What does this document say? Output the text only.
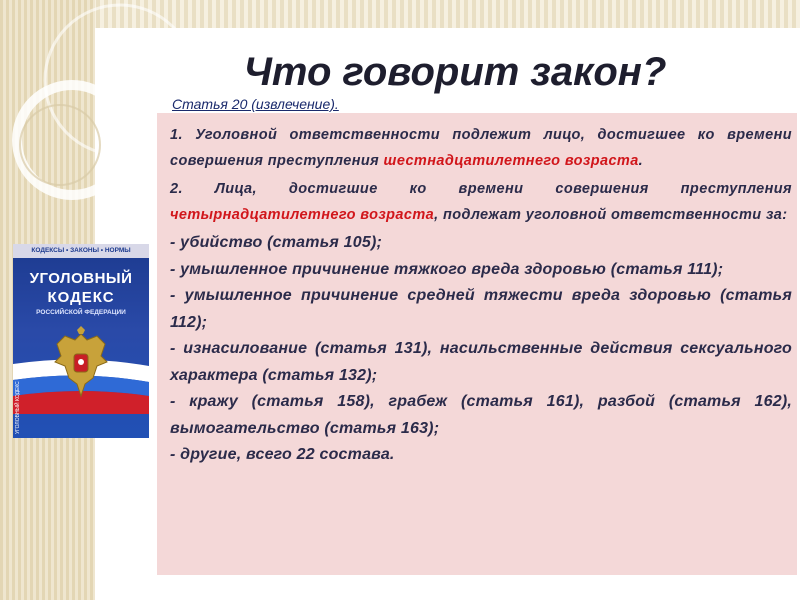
Что говорит закон?
Статья 20 (извлечение).

1. Уголовной ответственности подлежит лицо, достигшее ко времени совершения преступления шестнадцатилетнего возраста.

2. Лица, достигшие ко времени совершения преступления четырнадцатилетнего возраста, подлежат уголовной ответственности за:

- убийство (статья 105);

- умышленное причинение тяжкого вреда здоровью (статья 111);

- умышленное причинение средней тяжести вреда здоровью (статья 112);

- изнасилование (статья 131), насильственные действия сексуального характера (статья 132);

- кражу (статья 158), грабеж (статья 161), разбой (статья 162), вымогательство (статья 163);

- другие, всего 22 состава.

КОДЕКСЫ • ЗАКОНЫ • НОРМЫ
УГОЛОВНЫЙ
КОДЕКС
РОССИЙСКОЙ ФЕДЕРАЦИИ
УГОЛОВНЫЙ КОДЕКС
